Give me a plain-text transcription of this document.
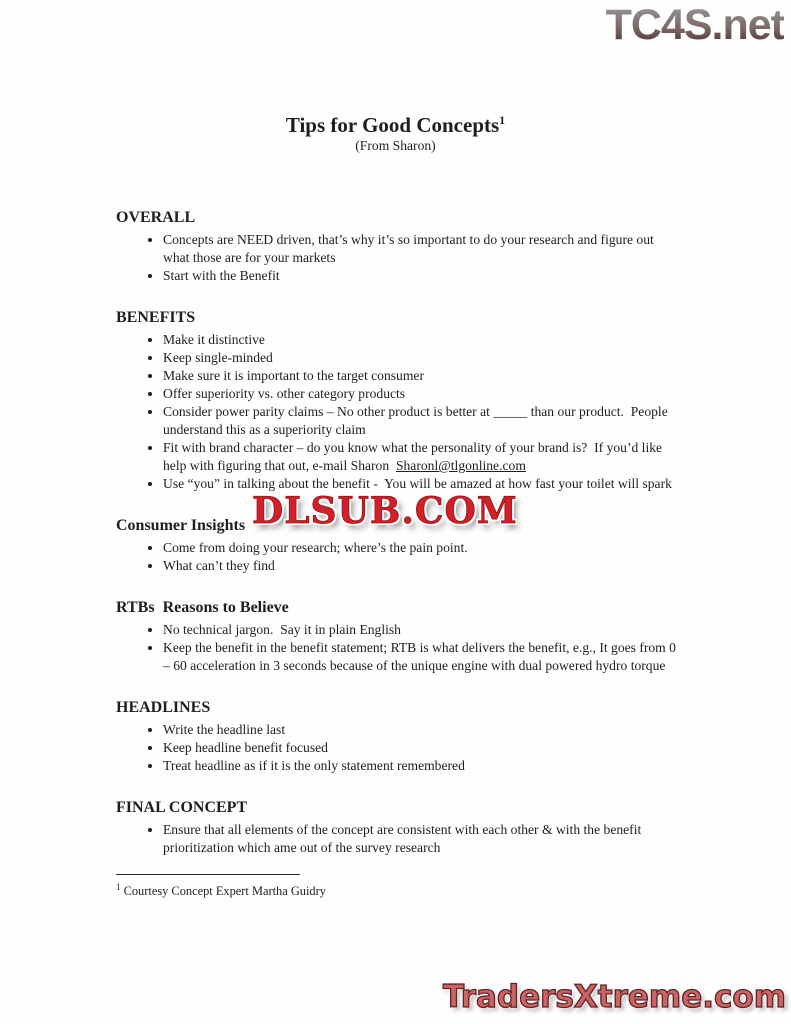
TC4S.net
DLSUB.COM
TradersXtreme.com
Tips for Good Concepts$^1$

(From Sharon)

OVERALL
• Concepts are NEED driven, that’s why it’s so important to do your research and figure out what those are for your markets
• Start with the Benefit
BENEFITS
• Make it distinctive
• Keep single-minded
• Make sure it is important to the target consumer
• Offer superiority vs. other category products
• Consider power parity claims – No other product is better at _____ than our product.  People understand this as a superiority claim
• Fit with brand character – do you know what the personality of your brand is?  If you’d like help with figuring that out, e-mail Sharon  Sharonl@tlgonline.com
• Use “you” in talking about the benefit -  You will be amazed at how fast your toilet will spark
Consumer Insights
• Come from doing your research; where’s the pain point.
• What can’t they find
RTBs  Reasons to Believe
• No technical jargon.  Say it in plain English
• Keep the benefit in the benefit statement; RTB is what delivers the benefit, e.g., It goes from 0 – 60 acceleration in 3 seconds because of the unique engine with dual powered hydro torque
HEADLINES
• Write the headline last
• Keep headline benefit focused
• Treat headline as if it is the only statement remembered
FINAL CONCEPT
• Ensure that all elements of the concept are consistent with each other & with the benefit prioritization which ame out of the survey research
$^1$ Courtesy Concept Expert Martha Guidry
